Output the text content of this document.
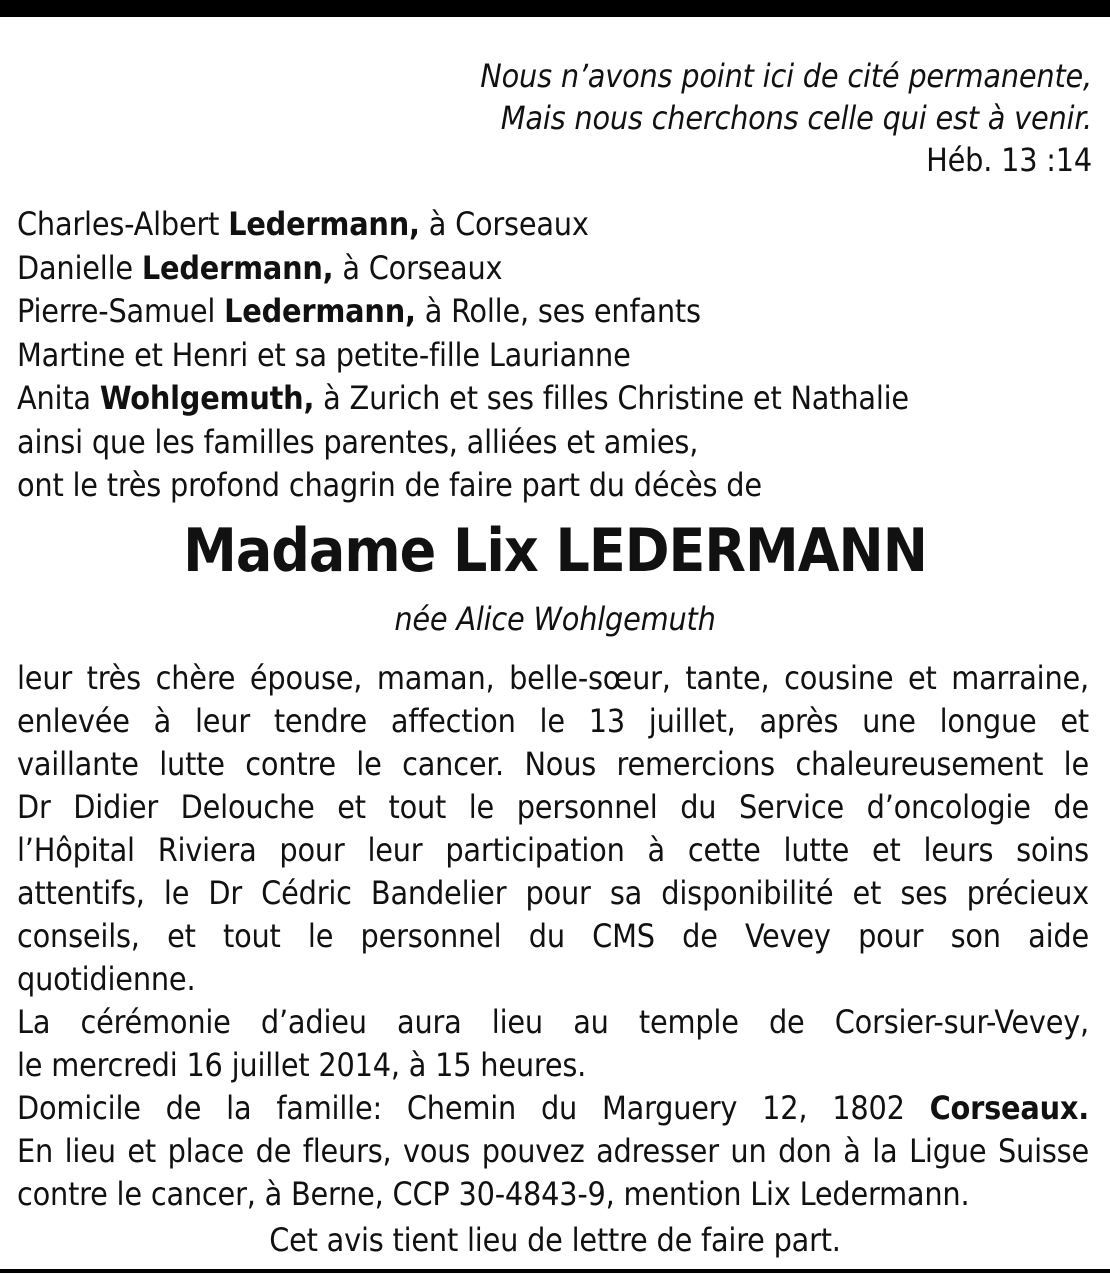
Nous n’avons point ici de cité permanente,
Mais nous cherchons celle qui est à venir.
Héb. 13 :14
Charles-Albert Ledermann, à Corseaux
Danielle Ledermann, à Corseaux
Pierre-Samuel Ledermann, à Rolle, ses enfants
Martine et Henri et sa petite-fille Laurianne
Anita Wohlgemuth, à Zurich et ses filles Christine et Nathalie
ainsi que les familles parentes, alliées et amies,
ont le très profond chagrin de faire part du décès de
Madame Lix LEDERMANN
née Alice Wohlgemuth
leur très chère épouse, maman, belle-sœur, tante, cousine et marraine,
enlevée à leur tendre affection le 13 juillet, après une longue et
vaillante lutte contre le cancer. Nous remercions chaleureusement le
Dr Didier Delouche et tout le personnel du Service d’oncologie de
l’Hôpital Riviera pour leur participation à cette lutte et leurs soins
attentifs, le Dr Cédric Bandelier pour sa disponibilité et ses précieux
conseils, et tout le personnel du CMS de Vevey pour son aide
quotidienne.
La cérémonie d’adieu aura lieu au temple de Corsier-sur-Vevey,
le mercredi 16 juillet 2014, à 15 heures.
Domicile de la famille: Chemin du Marguery 12, 1802 Corseaux.
En lieu et place de fleurs, vous pouvez adresser un don à la Ligue Suisse
contre le cancer, à Berne, CCP 30-4843-9, mention Lix Ledermann.
Cet avis tient lieu de lettre de faire part.
